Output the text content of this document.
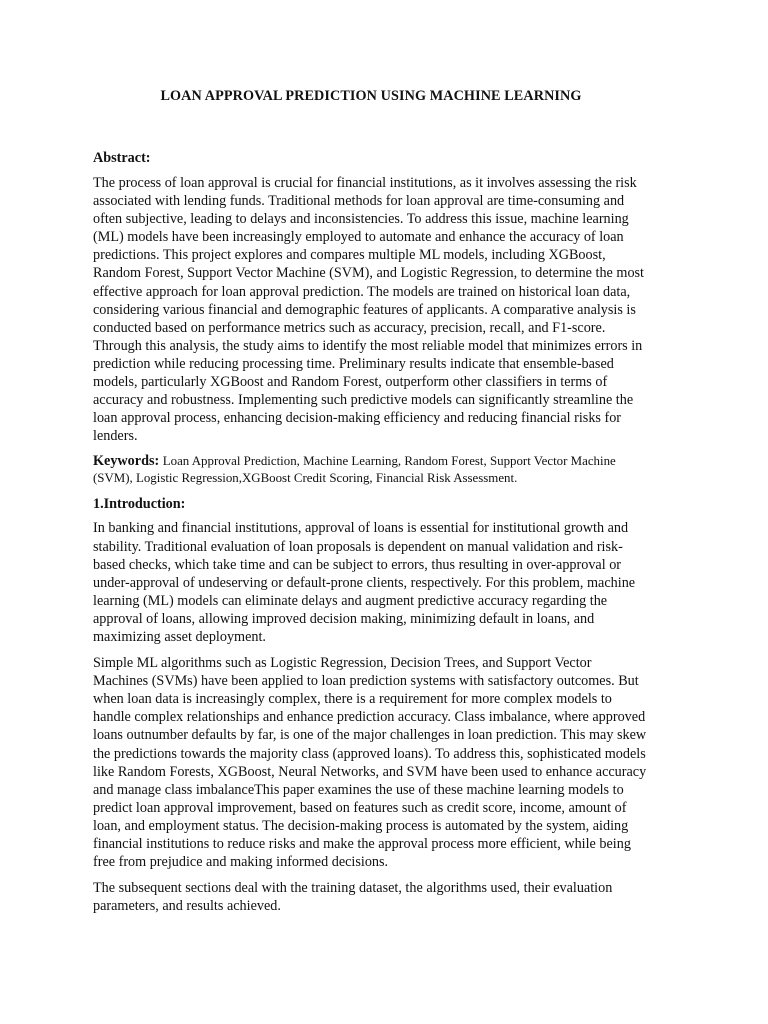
LOAN APPROVAL PREDICTION USING MACHINE LEARNING
Abstract:

The process of loan approval is crucial for financial institutions, as it involves assessing the risk associated with lending funds. Traditional methods for loan approval are time-consuming and often subjective, leading to delays and inconsistencies. To address this issue, machine learning (ML) models have been increasingly employed to automate and enhance the accuracy of loan predictions. This project explores and compares multiple ML models, including XGBoost, Random Forest, Support Vector Machine (SVM), and Logistic Regression, to determine the most effective approach for loan approval prediction. The models are trained on historical loan data, considering various financial and demographic features of applicants. A comparative analysis is conducted based on performance metrics such as accuracy, precision, recall, and F1-score. Through this analysis, the study aims to identify the most reliable model that minimizes errors in prediction while reducing processing time. Preliminary results indicate that ensemble-based models, particularly XGBoost and Random Forest, outperform other classifiers in terms of accuracy and robustness. Implementing such predictive models can significantly streamline the loan approval process, enhancing decision-making efficiency and reducing financial risks for lenders.

Keywords: Loan Approval Prediction, Machine Learning, Random Forest, Support Vector Machine (SVM), Logistic Regression,XGBoost Credit Scoring, Financial Risk Assessment.

1.Introduction:

In banking and financial institutions, approval of loans is essential for institutional growth and stability. Traditional evaluation of loan proposals is dependent on manual validation and risk-based checks, which take time and can be subject to errors, thus resulting in over-approval or under-approval of undeserving or default-prone clients, respectively. For this problem, machine learning (ML) models can eliminate delays and augment predictive accuracy regarding the approval of loans, allowing improved decision making, minimizing default in loans, and maximizing asset deployment.

Simple ML algorithms such as Logistic Regression, Decision Trees, and Support Vector Machines (SVMs) have been applied to loan prediction systems with satisfactory outcomes. But when loan data is increasingly complex, there is a requirement for more complex models to handle complex relationships and enhance prediction accuracy. Class imbalance, where approved loans outnumber defaults by far, is one of the major challenges in loan prediction. This may skew the predictions towards the majority class (approved loans). To address this, sophisticated models like Random Forests, XGBoost, Neural Networks, and SVM have been used to enhance accuracy and manage class imbalanceThis paper examines the use of these machine learning models to predict loan approval improvement, based on features such as credit score, income, amount of loan, and employment status. The decision-making process is automated by the system, aiding financial institutions to reduce risks and make the approval process more efficient, while being free from prejudice and making informed decisions.

The subsequent sections deal with the training dataset, the algorithms used, their evaluation parameters, and results achieved.
